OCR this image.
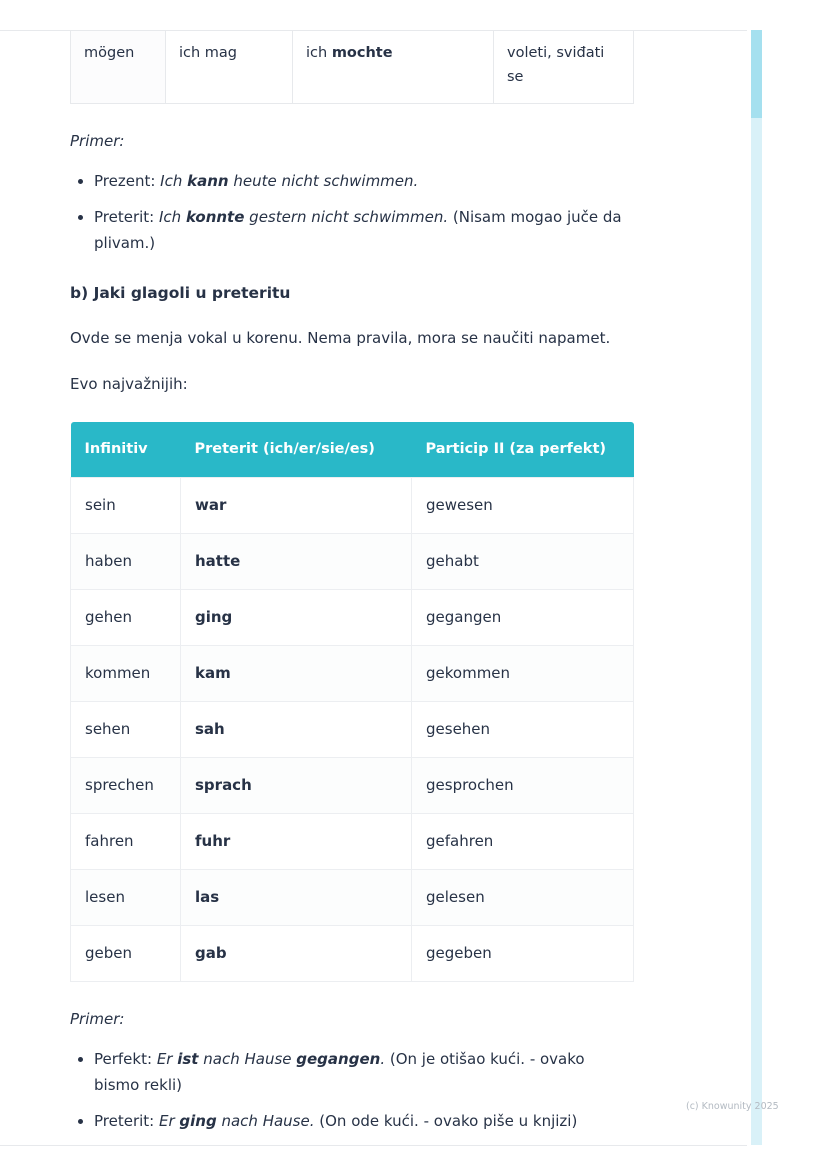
mögen	ich mag	ich mochte	voleti, sviđati se

Primer:

• Prezent: Ich kann heute nicht schwimmen.
• Preterit: Ich konnte gestern nicht schwimmen. (Nisam mogao juče da plivam.)
b) Jaki glagoli u preteritu

Ovde se menja vokal u korenu. Nema pravila, mora se naučiti napamet.

Evo najvažnijih:

Infinitiv	Preterit (ich/er/sie/es)	Particip II (za perfekt)
sein	war	gewesen
haben	hatte	gehabt
gehen	ging	gegangen
kommen	kam	gekommen
sehen	sah	gesehen
sprechen	sprach	gesprochen
fahren	fuhr	gefahren
lesen	las	gelesen
geben	gab	gegeben

Primer:

• Perfekt: Er ist nach Hause gegangen. (On je otišao kući. - ovako bismo rekli)
• Preterit: Er ging nach Hause. (On ode kući. - ovako piše u knjizi)
(c) Knowunity 2025
